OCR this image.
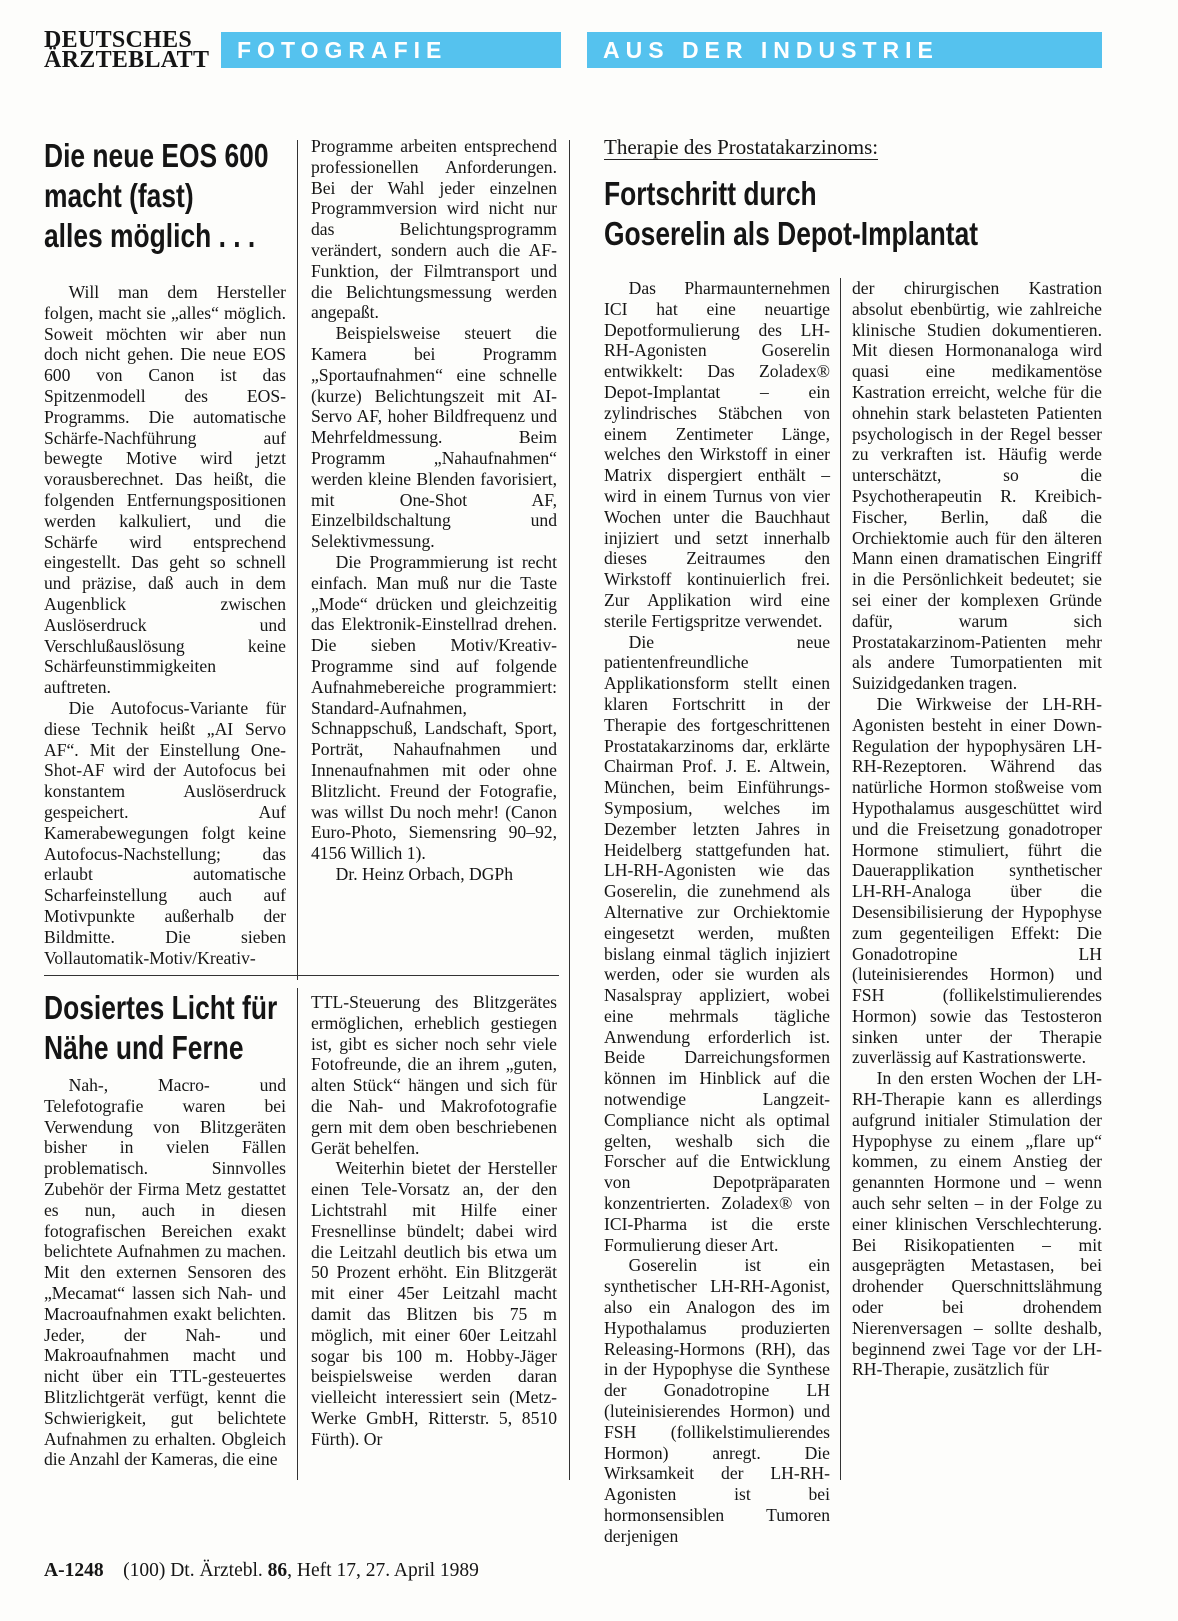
DEUTSCHES
ÄRZTEBLATT	FOTOGRAFIE	AUS DER INDUSTRIE
Die neue EOS 600
macht (fast)
alles möglich . . .

Will man dem Hersteller folgen, macht sie „alles“ möglich. Soweit möchten wir aber nun doch nicht gehen. Die neue EOS 600 von Canon ist das Spitzenmodell des EOS-Programms. Die automatische Schärfe-Nachführung auf bewegte Motive wird jetzt vorausberechnet. Das heißt, die folgenden Entfernungspositionen werden kalkuliert, und die Schärfe wird entsprechend eingestellt. Das geht so schnell und präzise, daß auch in dem Augenblick zwischen Auslöserdruck und Verschlußauslösung keine Schärfeunstimmigkeiten auftreten.

Die Autofocus-Variante für diese Technik heißt „AI Servo AF“. Mit der Einstellung One-Shot-AF wird der Autofocus bei konstantem Auslöserdruck gespeichert. Auf Kamerabewegungen folgt keine Autofocus-Nachstellung; das erlaubt automatische Scharfeinstellung auch auf Motivpunkte außerhalb der Bildmitte. Die sieben Vollautomatik-Motiv/Kreativ-

Programme arbeiten entsprechend professionellen Anforderungen. Bei der Wahl jeder einzelnen Programmversion wird nicht nur das Belichtungsprogramm verändert, sondern auch die AF-Funktion, der Filmtransport und die Belichtungsmessung werden angepaßt.

Beispielsweise steuert die Kamera bei Programm „Sportaufnahmen“ eine schnelle (kurze) Belichtungszeit mit AI-Servo AF, hoher Bildfrequenz und Mehrfeldmessung. Beim Programm „Nahaufnahmen“ werden kleine Blenden favorisiert, mit One-Shot AF, Einzelbildschaltung und Selektivmessung.

Die Programmierung ist recht einfach. Man muß nur die Taste „Mode“ drücken und gleichzeitig das Elektronik-Einstellrad drehen. Die sieben Motiv/Kreativ-Programme sind auf folgende Aufnahmebereiche programmiert: Standard-Aufnahmen, Schnappschuß, Landschaft, Sport, Porträt, Nahaufnahmen und Innenaufnahmen mit oder ohne Blitzlicht. Freund der Fotografie, was willst Du noch mehr! (Canon Euro-Photo, Siemensring 90–92, 4156 Willich 1).

Dr. Heinz Orbach, DGPh

Dosiertes Licht für
Nähe und Ferne

Nah-, Macro- und Telefotografie waren bei Verwendung von Blitzgeräten bisher in vielen Fällen problematisch. Sinnvolles Zubehör der Firma Metz gestattet es nun, auch in diesen fotografischen Bereichen exakt belichtete Aufnahmen zu machen. Mit den externen Sensoren des „Mecamat“ lassen sich Nah- und Macroaufnahmen exakt belichten. Jeder, der Nah- und Makroaufnahmen macht und nicht über ein TTL-gesteuertes Blitzlichtgerät verfügt, kennt die Schwierigkeit, gut belichtete Aufnahmen zu erhalten. Obgleich die Anzahl der Kameras, die eine

TTL-Steuerung des Blitzgerätes ermöglichen, erheblich gestiegen ist, gibt es sicher noch sehr viele Fotofreunde, die an ihrem „guten, alten Stück“ hängen und sich für die Nah- und Makrofotografie gern mit dem oben beschriebenen Gerät behelfen.

Weiterhin bietet der Hersteller einen Tele-Vorsatz an, der den Lichtstrahl mit Hilfe einer Fresnellinse bündelt; dabei wird die Leitzahl deutlich bis etwa um 50 Prozent erhöht. Ein Blitzgerät mit einer 45er Leitzahl macht damit das Blitzen bis 75 m möglich, mit einer 60er Leitzahl sogar bis 100 m. Hobby-Jäger beispielsweise werden daran vielleicht interessiert sein (Metz-Werke GmbH, Ritterstr. 5, 8510 Fürth). Or

Therapie des Prostatakarzinoms:
Fortschritt durch
Goserelin als Depot-Implantat

Das Pharmaunternehmen ICI hat eine neuartige Depotformulierung des LH-RH-Agonisten Goserelin entwikkelt: Das Zoladex® Depot-Implantat – ein zylindrisches Stäbchen von einem Zentimeter Länge, welches den Wirkstoff in einer Matrix dispergiert enthält – wird in einem Turnus von vier Wochen unter die Bauchhaut injiziert und setzt innerhalb dieses Zeitraumes den Wirkstoff kontinuierlich frei. Zur Applikation wird eine sterile Fertigspritze verwendet.

Die neue patientenfreundliche Applikationsform stellt einen klaren Fortschritt in der Therapie des fortgeschrittenen Prostatakarzinoms dar, erklärte Chairman Prof. J. E. Altwein, München, beim Einführungs-Symposium, welches im Dezember letzten Jahres in Heidelberg stattgefunden hat. LH-RH-Agonisten wie das Goserelin, die zunehmend als Alternative zur Orchiektomie eingesetzt werden, mußten bislang einmal täglich injiziert werden, oder sie wurden als Nasalspray appliziert, wobei eine mehrmals tägliche Anwendung erforderlich ist. Beide Darreichungsformen können im Hinblick auf die notwendige Langzeit-Compliance nicht als optimal gelten, weshalb sich die Forscher auf die Entwicklung von Depotpräparaten konzentrierten. Zoladex® von ICI-Pharma ist die erste Formulierung dieser Art.

Goserelin ist ein synthetischer LH-RH-Agonist, also ein Analogon des im Hypothalamus produzierten Releasing-Hormons (RH), das in der Hypophyse die Synthese der Gonadotropine LH (luteinisierendes Hormon) und FSH (follikelstimulierendes Hormon) anregt. Die Wirksamkeit der LH-RH-Agonisten ist bei hormonsensiblen Tumoren derjenigen

der chirurgischen Kastration absolut ebenbürtig, wie zahlreiche klinische Studien dokumentieren. Mit diesen Hormonanaloga wird quasi eine medikamentöse Kastration erreicht, welche für die ohnehin stark belasteten Patienten psychologisch in der Regel besser zu verkraften ist. Häufig werde unterschätzt, so die Psychotherapeutin R. Kreibich-Fischer, Berlin, daß die Orchiektomie auch für den älteren Mann einen dramatischen Eingriff in die Persönlichkeit bedeutet; sie sei einer der komplexen Gründe dafür, warum sich Prostatakarzinom-Patienten mehr als andere Tumorpatienten mit Suizidgedanken tragen.

Die Wirkweise der LH-RH-Agonisten besteht in einer Down-Regulation der hypophysären LH-RH-Rezeptoren. Während das natürliche Hormon stoßweise vom Hypothalamus ausgeschüttet wird und die Freisetzung gonadotroper Hormone stimuliert, führt die Dauerapplikation synthetischer LH-RH-Analoga über die Desensibilisierung der Hypophyse zum gegenteiligen Effekt: Die Gonadotropine LH (luteinisierendes Hormon) und FSH (follikelstimulierendes Hormon) sowie das Testosteron sinken unter der Therapie zuverlässig auf Kastrationswerte.

In den ersten Wochen der LH-RH-Therapie kann es allerdings aufgrund initialer Stimulation der Hypophyse zu einem „flare up“ kommen, zu einem Anstieg der genannten Hormone und – wenn auch sehr selten – in der Folge zu einer klinischen Verschlechterung. Bei Risikopatienten – mit ausgeprägten Metastasen, bei drohender Querschnittslähmung oder bei drohendem Nierenversagen – sollte deshalb, beginnend zwei Tage vor der LH-RH-Therapie, zusätzlich für

A-1248 (100) Dt. Ärztebl. 86, Heft 17, 27. April 1989
